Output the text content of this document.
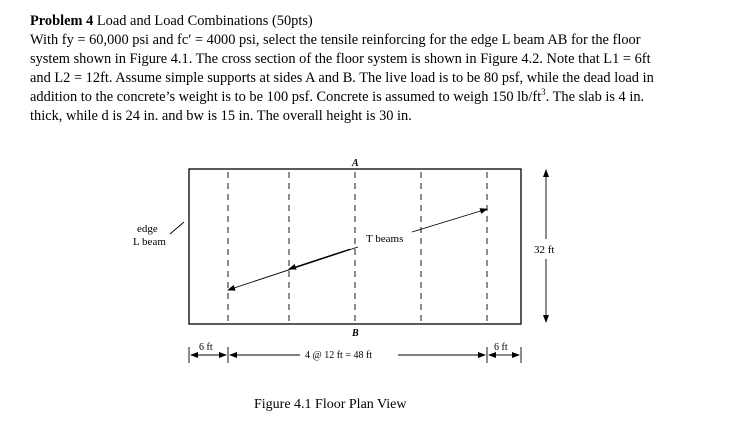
Problem 4 Load and Load Combinations (50pts)
With fy = 60,000 psi and fc′ = 4000 psi, select the tensile reinforcing for the edge L beam AB for the floor system shown in Figure 4.1. The cross section of the floor system is shown in Figure 4.2. Note that L1 = 6ft and L2 = 12ft. Assume simple supports at sides A and B. The live load is to be 80 psf, while the dead load in addition to the concrete’s weight is to be 100 psf. Concrete is assumed to weigh 150 $lb/ft^3$. The slab is 4 in. thick, while d is 24 in. and bw is 15 in. The overall height is 30 in.

A
B
edge
L beam	T beams
32 ft
6 ft
4 @ 12 ft = 48 ft
6 ft
Figure 4.1 Floor Plan View
